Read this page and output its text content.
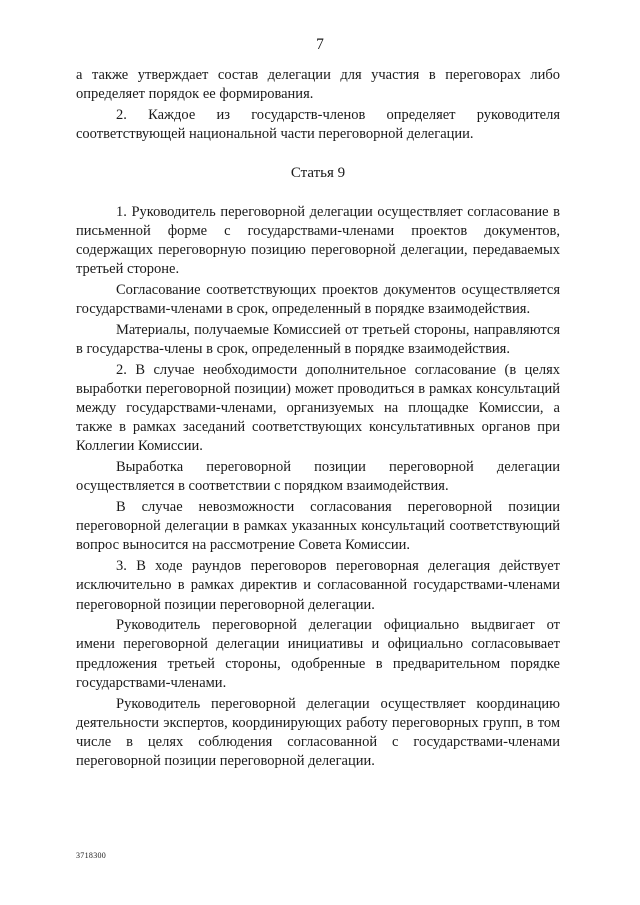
7

а также утверждает состав делегации для участия в переговорах либо определяет порядок ее формирования.

2. Каждое из государств-членов определяет руководителя соответствующей национальной части переговорной делегации.

Статья 9

1. Руководитель переговорной делегации осуществляет согласование в письменной форме с государствами-членами проектов документов, содержащих переговорную позицию переговорной делегации, передаваемых третьей стороне.

Согласование соответствующих проектов документов осуществляется государствами-членами в срок, определенный в порядке взаимодействия.

Материалы, получаемые Комиссией от третьей стороны, направляются в государства-члены в срок, определенный в порядке взаимодействия.

2. В случае необходимости дополнительное согласование (в целях выработки переговорной позиции) может проводиться в рамках консультаций между государствами-членами, организуемых на площадке Комиссии, а также в рамках заседаний соответствующих консультативных органов при Коллегии Комиссии.

Выработка переговорной позиции переговорной делегации осуществляется в соответствии с порядком взаимодействия.

В случае невозможности согласования переговорной позиции переговорной делегации в рамках указанных консультаций соответствующий вопрос выносится на рассмотрение Совета Комиссии.

3. В ходе раундов переговоров переговорная делегация действует исключительно в рамках директив и согласованной государствами-членами переговорной позиции переговорной делегации.

Руководитель переговорной делегации официально выдвигает от имени переговорной делегации инициативы и официально согласовывает предложения третьей стороны, одобренные в предварительном порядке государствами-членами.

Руководитель переговорной делегации осуществляет координацию деятельности экспертов, координирующих работу переговорных групп, в том числе в целях соблюдения согласованной с государствами-членами переговорной позиции переговорной делегации.

3718300
